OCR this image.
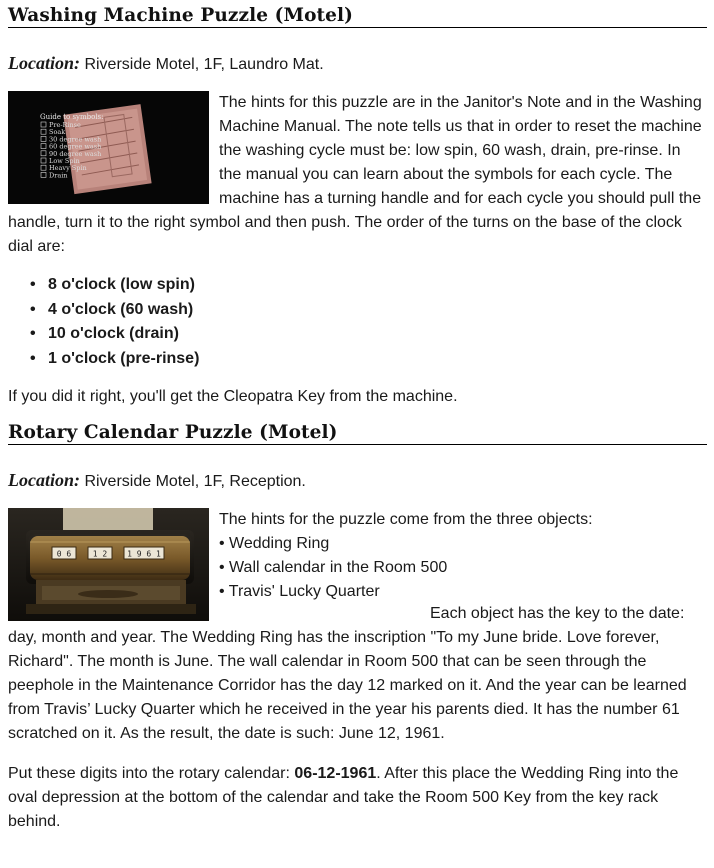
Washing Machine Puzzle (Motel)

Location: Riverside Motel, 1F, Laundro Mat.

Guide to symbols:
Pre-Rinse
Soak
30 degree wash
60 degree wash
90 degree wash
Low Spin
Heavy Spin
Drain

The hints for this puzzle are in the Janitor's Note and in the Washing Machine Manual. The note tells us that in order to reset the machine the washing cycle must be: low spin, 60 wash, drain, pre-rinse. In the manual you can learn about the symbols for each cycle. The machine has a turning handle and for each cycle you should pull the handle, turn it to the right symbol and then push. The order of the turns on the base of the clock dial are:

• 8 o'clock (low spin)
• 4 o'clock (60 wash)
• 10 o'clock (drain)
• 1 o'clock (pre-rinse)

If you did it right, you'll get the Cleopatra Key from the machine.

Rotary Calendar Puzzle (Motel)

Location: Riverside Motel, 1F, Reception.

0 6	1 2 1 9 6 1

The hints for the puzzle come from the three objects:

• Wedding Ring

• Wall calendar in the Room 500

• Travis' Lucky Quarter

Each object has the key to the date: day, month and year. The Wedding Ring has the inscription "To my June bride. Love forever, Richard". The month is June. The wall calendar in Room 500 that can be seen through the peephole in the Maintenance Corridor has the day 12 marked on it. And the year can be learned from Travis’ Lucky Quarter which he received in the year his parents died. It has the number 61 scratched on it. As the result, the date is such: June 12, 1961.

Put these digits into the rotary calendar: 06-12-1961. After this place the Wedding Ring into the oval depression at the bottom of the calendar and take the Room 500 Key from the key rack behind.
